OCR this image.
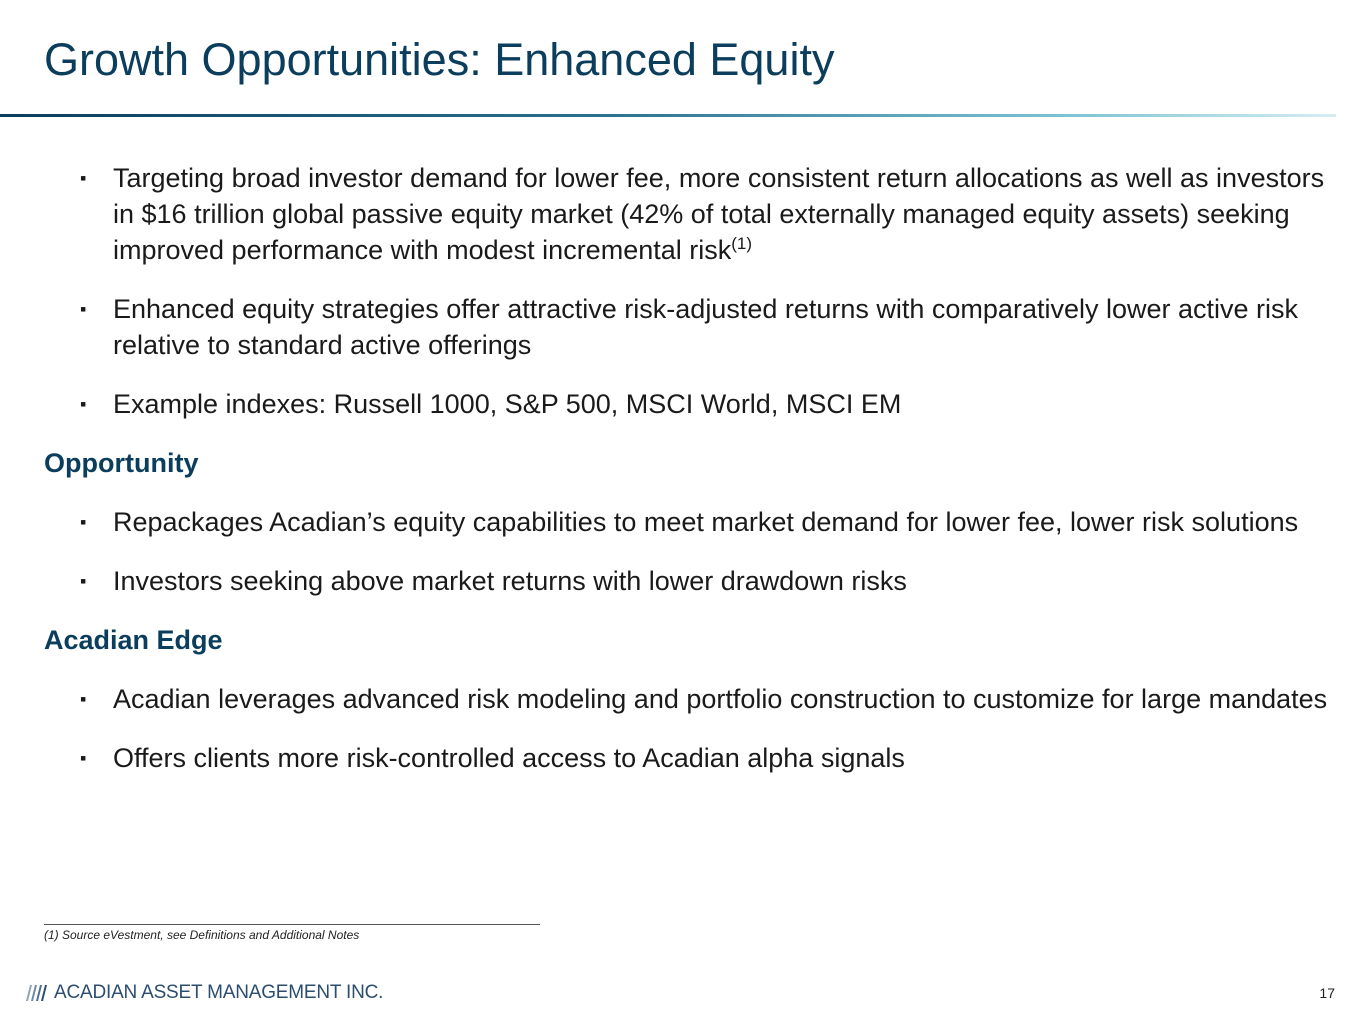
Growth Opportunities: Enhanced Equity
▪ Targeting broad investor demand for lower fee, more consistent return allocations as well as investors in $16 trillion global passive equity market (42% of total externally managed equity assets) seeking improved performance with modest incremental risk$^{(1)}$
▪ Enhanced equity strategies offer attractive risk-adjusted returns with comparatively lower active risk relative to standard active offerings
▪ Example indexes: Russell 1000, S&P 500, MSCI World, MSCI EM
Opportunity
▪ Repackages Acadian’s equity capabilities to meet market demand for lower fee, lower risk solutions
▪ Investors seeking above market returns with lower drawdown risks
Acadian Edge
▪ Acadian leverages advanced risk modeling and portfolio construction to customize for large mandates
▪ Offers clients more risk-controlled access to Acadian alpha signals
(1) Source eVestment, see Definitions and Additional Notes
ACADIAN ASSET MANAGEMENT INC.	17
